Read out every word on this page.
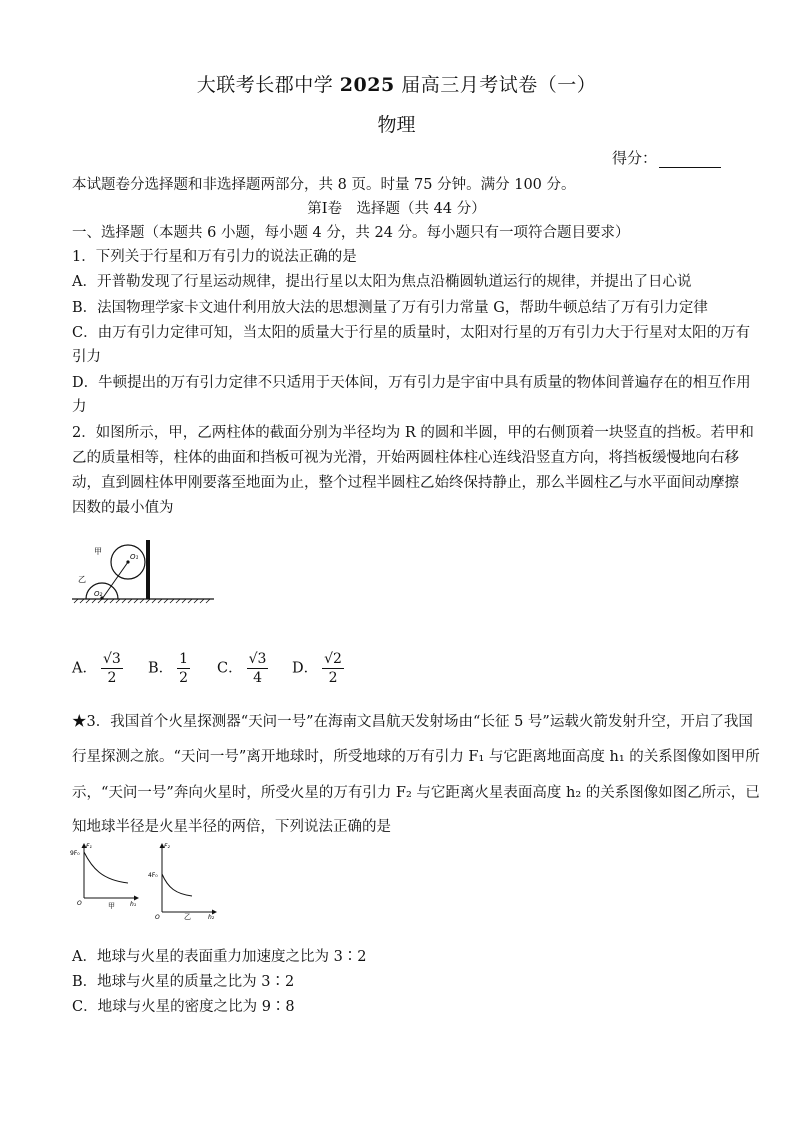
大联考长郡中学 2025 届高三月考试卷（一）
物理
得分：
本试题卷分选择题和非选择题两部分，共 8 页。时量 75 分钟。满分 100 分。
第Ⅰ卷　选择题（共 44 分）
一、选择题（本题共 6 小题，每小题 4 分，共 24 分。每小题只有一项符合题目要求）
1．下列关于行星和万有引力的说法正确的是
A．开普勒发现了行星运动规律，提出行星以太阳为焦点沿椭圆轨道运行的规律，并提出了日心说
B．法国物理学家卡文迪什利用放大法的思想测量了万有引力常量 G，帮助牛顿总结了万有引力定律
C．由万有引力定律可知，当太阳的质量大于行星的质量时，太阳对行星的万有引力大于行星对太阳的万有
引力
D．牛顿提出的万有引力定律不只适用于天体间，万有引力是宇宙中具有质量的物体间普遍存在的相互作用
力
2．如图所示，甲，乙两柱体的截面分别为半径均为 R 的圆和半圆，甲的右侧顶着一块竖直的挡板。若甲和
乙的质量相等，柱体的曲面和挡板可视为光滑，开始两圆柱体柱心连线沿竖直方向，将挡板缓慢地向右移
动，直到圆柱体甲刚要落至地面为止，整个过程半圆柱乙始终保持静止，那么半圆柱乙与水平面间动摩擦
因数的最小值为
甲
乙
O₁
O₂
A． $\frac{√3}{2}$ B． $\frac{1}{2}$ C． $\frac{√3}{4}$ D． $\frac{√2}{2}$
★3．我国首个火星探测器“天问一号”在海南文昌航天发射场由“长征 5 号”运载火箭发射升空，开启了我国
行星探测之旅。“天问一号”离开地球时，所受地球的万有引力 F₁ 与它距离地面高度 h₁ 的关系图像如图甲所
示，“天问一号”奔向火星时，所受火星的万有引力 F₂ 与它距离火星表面高度 h₂ 的关系图像如图乙所示，已
知地球半径是火星半径的两倍，下列说法正确的是
9F₀
F₁
O	h₁
甲
4F₀
F₂
O	h₂
乙
A．地球与火星的表面重力加速度之比为 3∶2
B．地球与火星的质量之比为 3∶2
C．地球与火星的密度之比为 9∶8
